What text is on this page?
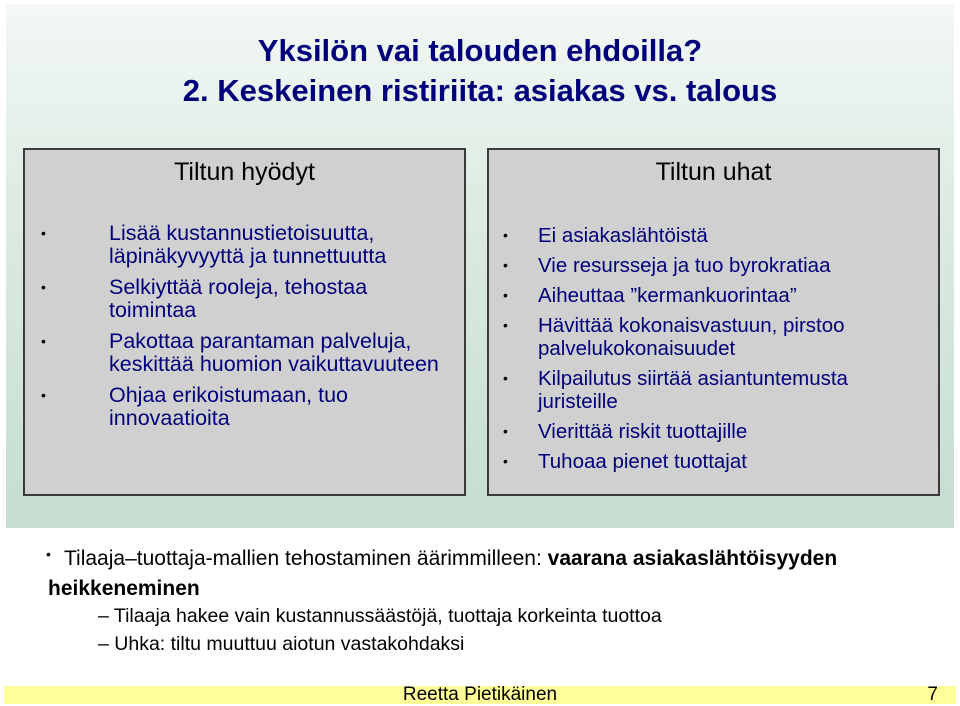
Yksilön vai talouden ehdoilla?
2. Keskeinen ristiriita: asiakas vs. talous
Tiltun hyödyt
•	Lisää kustannustietoisuutta, läpinäkyvyyttä ja tunnettuutta
•	Selkiyttää rooleja, tehostaa toimintaa
•	Pakottaa parantaman palveluja, keskittää huomion vaikuttavuuteen
•	Ohjaa erikoistumaan, tuo innovaatioita
Tiltun uhat
• Ei asiakaslähtöistä
• Vie resursseja ja tuo byrokratiaa
• Aiheuttaa ”kermankuorintaa”
• Hävittää kokonaisvastuun, pirstoo palvelukokonaisuudet
• Kilpailutus siirtää asiantuntemusta juristeille
• Vierittää riskit tuottajille
• Tuhoaa pienet tuottajat
• Tilaaja–tuottaja-mallien tehostaminen äärimmilleen: vaarana asiakaslähtöisyyden heikkeneminen
– Tilaaja hakee vain kustannussäästöjä, tuottaja korkeinta tuottoa
– Uhka: tiltu muuttuu aiotun vastakohdaksi
Reetta Pietikäinen	7
